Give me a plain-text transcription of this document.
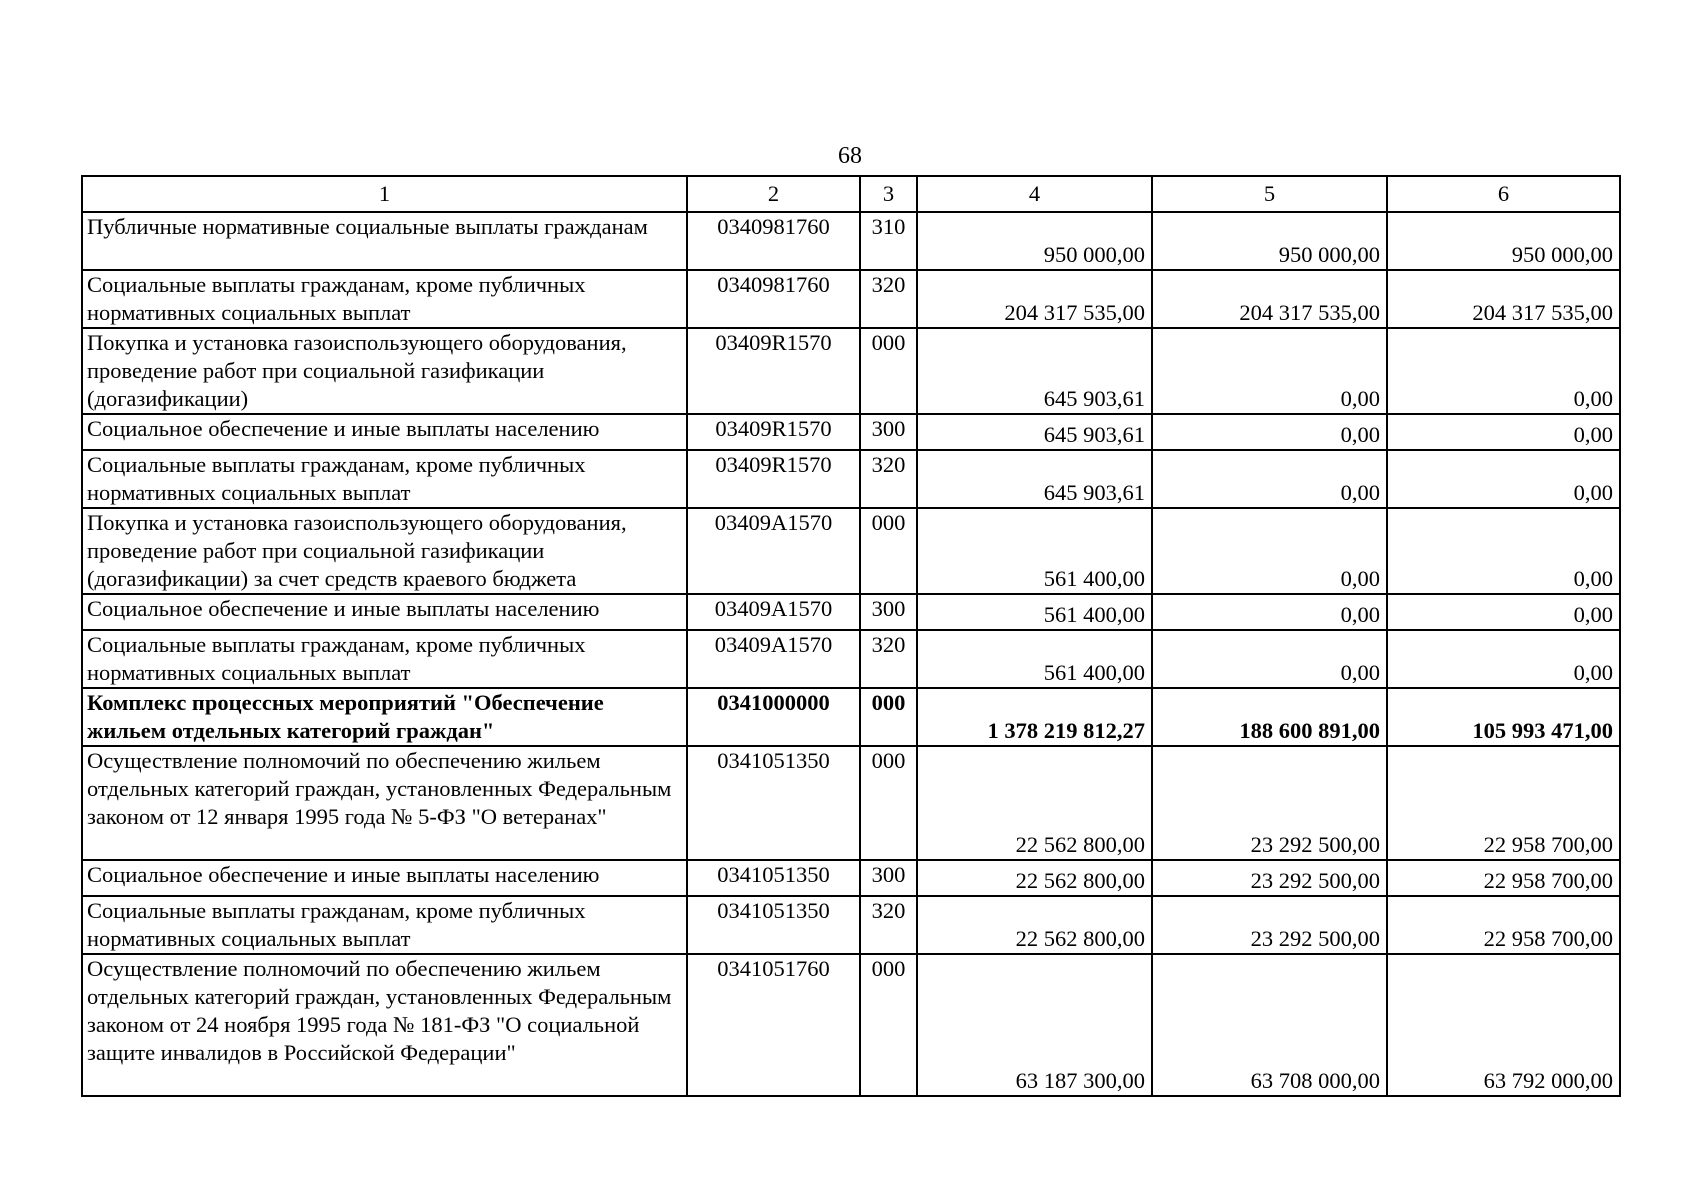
68
1	2	3	4	5	6
Публичные нормативные социальные выплаты гражданам	0340981760	310	950 000,00	950 000,00	950 000,00
Социальные выплаты гражданам, кроме публичных нормативных социальных выплат	0340981760	320	204 317 535,00	204 317 535,00	204 317 535,00
Покупка и установка газоиспользующего оборудования, проведение работ при социальной газификации (догазификации)	03409R1570	000	645 903,61	0,00	0,00
Социальное обеспечение и иные выплаты населению	03409R1570	300	645 903,61	0,00	0,00
Социальные выплаты гражданам, кроме публичных нормативных социальных выплат	03409R1570	320	645 903,61	0,00	0,00
Покупка и установка газоиспользующего оборудования, проведение работ при социальной газификации (догазификации) за счет средств краевого бюджета	03409A1570	000	561 400,00	0,00	0,00
Социальное обеспечение и иные выплаты населению	03409A1570	300	561 400,00	0,00	0,00
Социальные выплаты гражданам, кроме публичных нормативных социальных выплат	03409A1570	320	561 400,00	0,00	0,00
Комплекс процессных мероприятий "Обеспечение жильем отдельных категорий граждан"	0341000000	000	1 378 219 812,27	188 600 891,00	105 993 471,00
Осуществление полномочий по обеспечению жильем отдельных категорий граждан, установленных Федеральным законом от 12 января 1995 года № 5-ФЗ "О ветеранах"	0341051350	000	22 562 800,00	23 292 500,00	22 958 700,00
Социальное обеспечение и иные выплаты населению	0341051350	300	22 562 800,00	23 292 500,00	22 958 700,00
Социальные выплаты гражданам, кроме публичных нормативных социальных выплат	0341051350	320	22 562 800,00	23 292 500,00	22 958 700,00
Осуществление полномочий по обеспечению жильем отдельных категорий граждан, установленных Федеральным законом от 24 ноября 1995 года № 181-ФЗ "О социальной защите инвалидов в Российской Федерации"	0341051760	000	63 187 300,00	63 708 000,00	63 792 000,00
